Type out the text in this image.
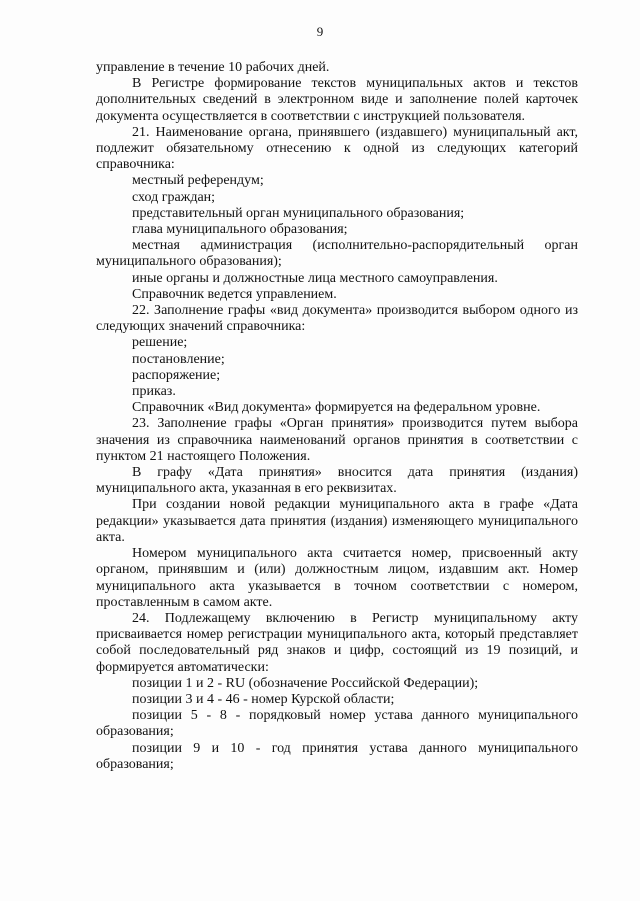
9

управление в течение 10 рабочих дней.

В Регистре формирование текстов муниципальных актов и текстов дополнительных сведений в электронном виде и заполнение полей карточек документа осуществляется в соответствии с инструкцией пользователя.

21. Наименование органа, принявшего (издавшего) муниципальный акт, подлежит обязательному отнесению к одной из следующих категорий справочника:

местный референдум;

сход граждан;

представительный орган муниципального образования;

глава муниципального образования;

местная администрация (исполнительно-распорядительный орган муниципального образования);

иные органы и должностные лица местного самоуправления.

Справочник ведется управлением.

22. Заполнение графы «вид документа» производится выбором одного из следующих значений справочника:

решение;

постановление;

распоряжение;

приказ.

Справочник «Вид документа» формируется на федеральном уровне.

23. Заполнение графы «Орган принятия» производится путем выбора значения из справочника наименований органов принятия в соответствии с пунктом 21 настоящего Положения.

В графу «Дата принятия» вносится дата принятия (издания) муниципального акта, указанная в его реквизитах.

При создании новой редакции муниципального акта в графе «Дата редакции» указывается дата принятия (издания) изменяющего муниципального акта.

Номером муниципального акта считается номер, присвоенный акту органом, принявшим и (или) должностным лицом, издавшим акт. Номер муниципального акта указывается в точном соответствии с номером, проставленным в самом акте.

24. Подлежащему включению в Регистр муниципальному акту присваивается номер регистрации муниципального акта, который представляет собой последовательный ряд знаков и цифр, состоящий из 19 позиций, и формируется автоматически:

позиции 1 и 2 - RU (обозначение Российской Федерации);

позиции 3 и 4 - 46 - номер Курской области;

позиции 5 - 8 - порядковый номер устава данного муниципального образования;

позиции 9 и 10 - год принятия устава данного муниципального образования;
